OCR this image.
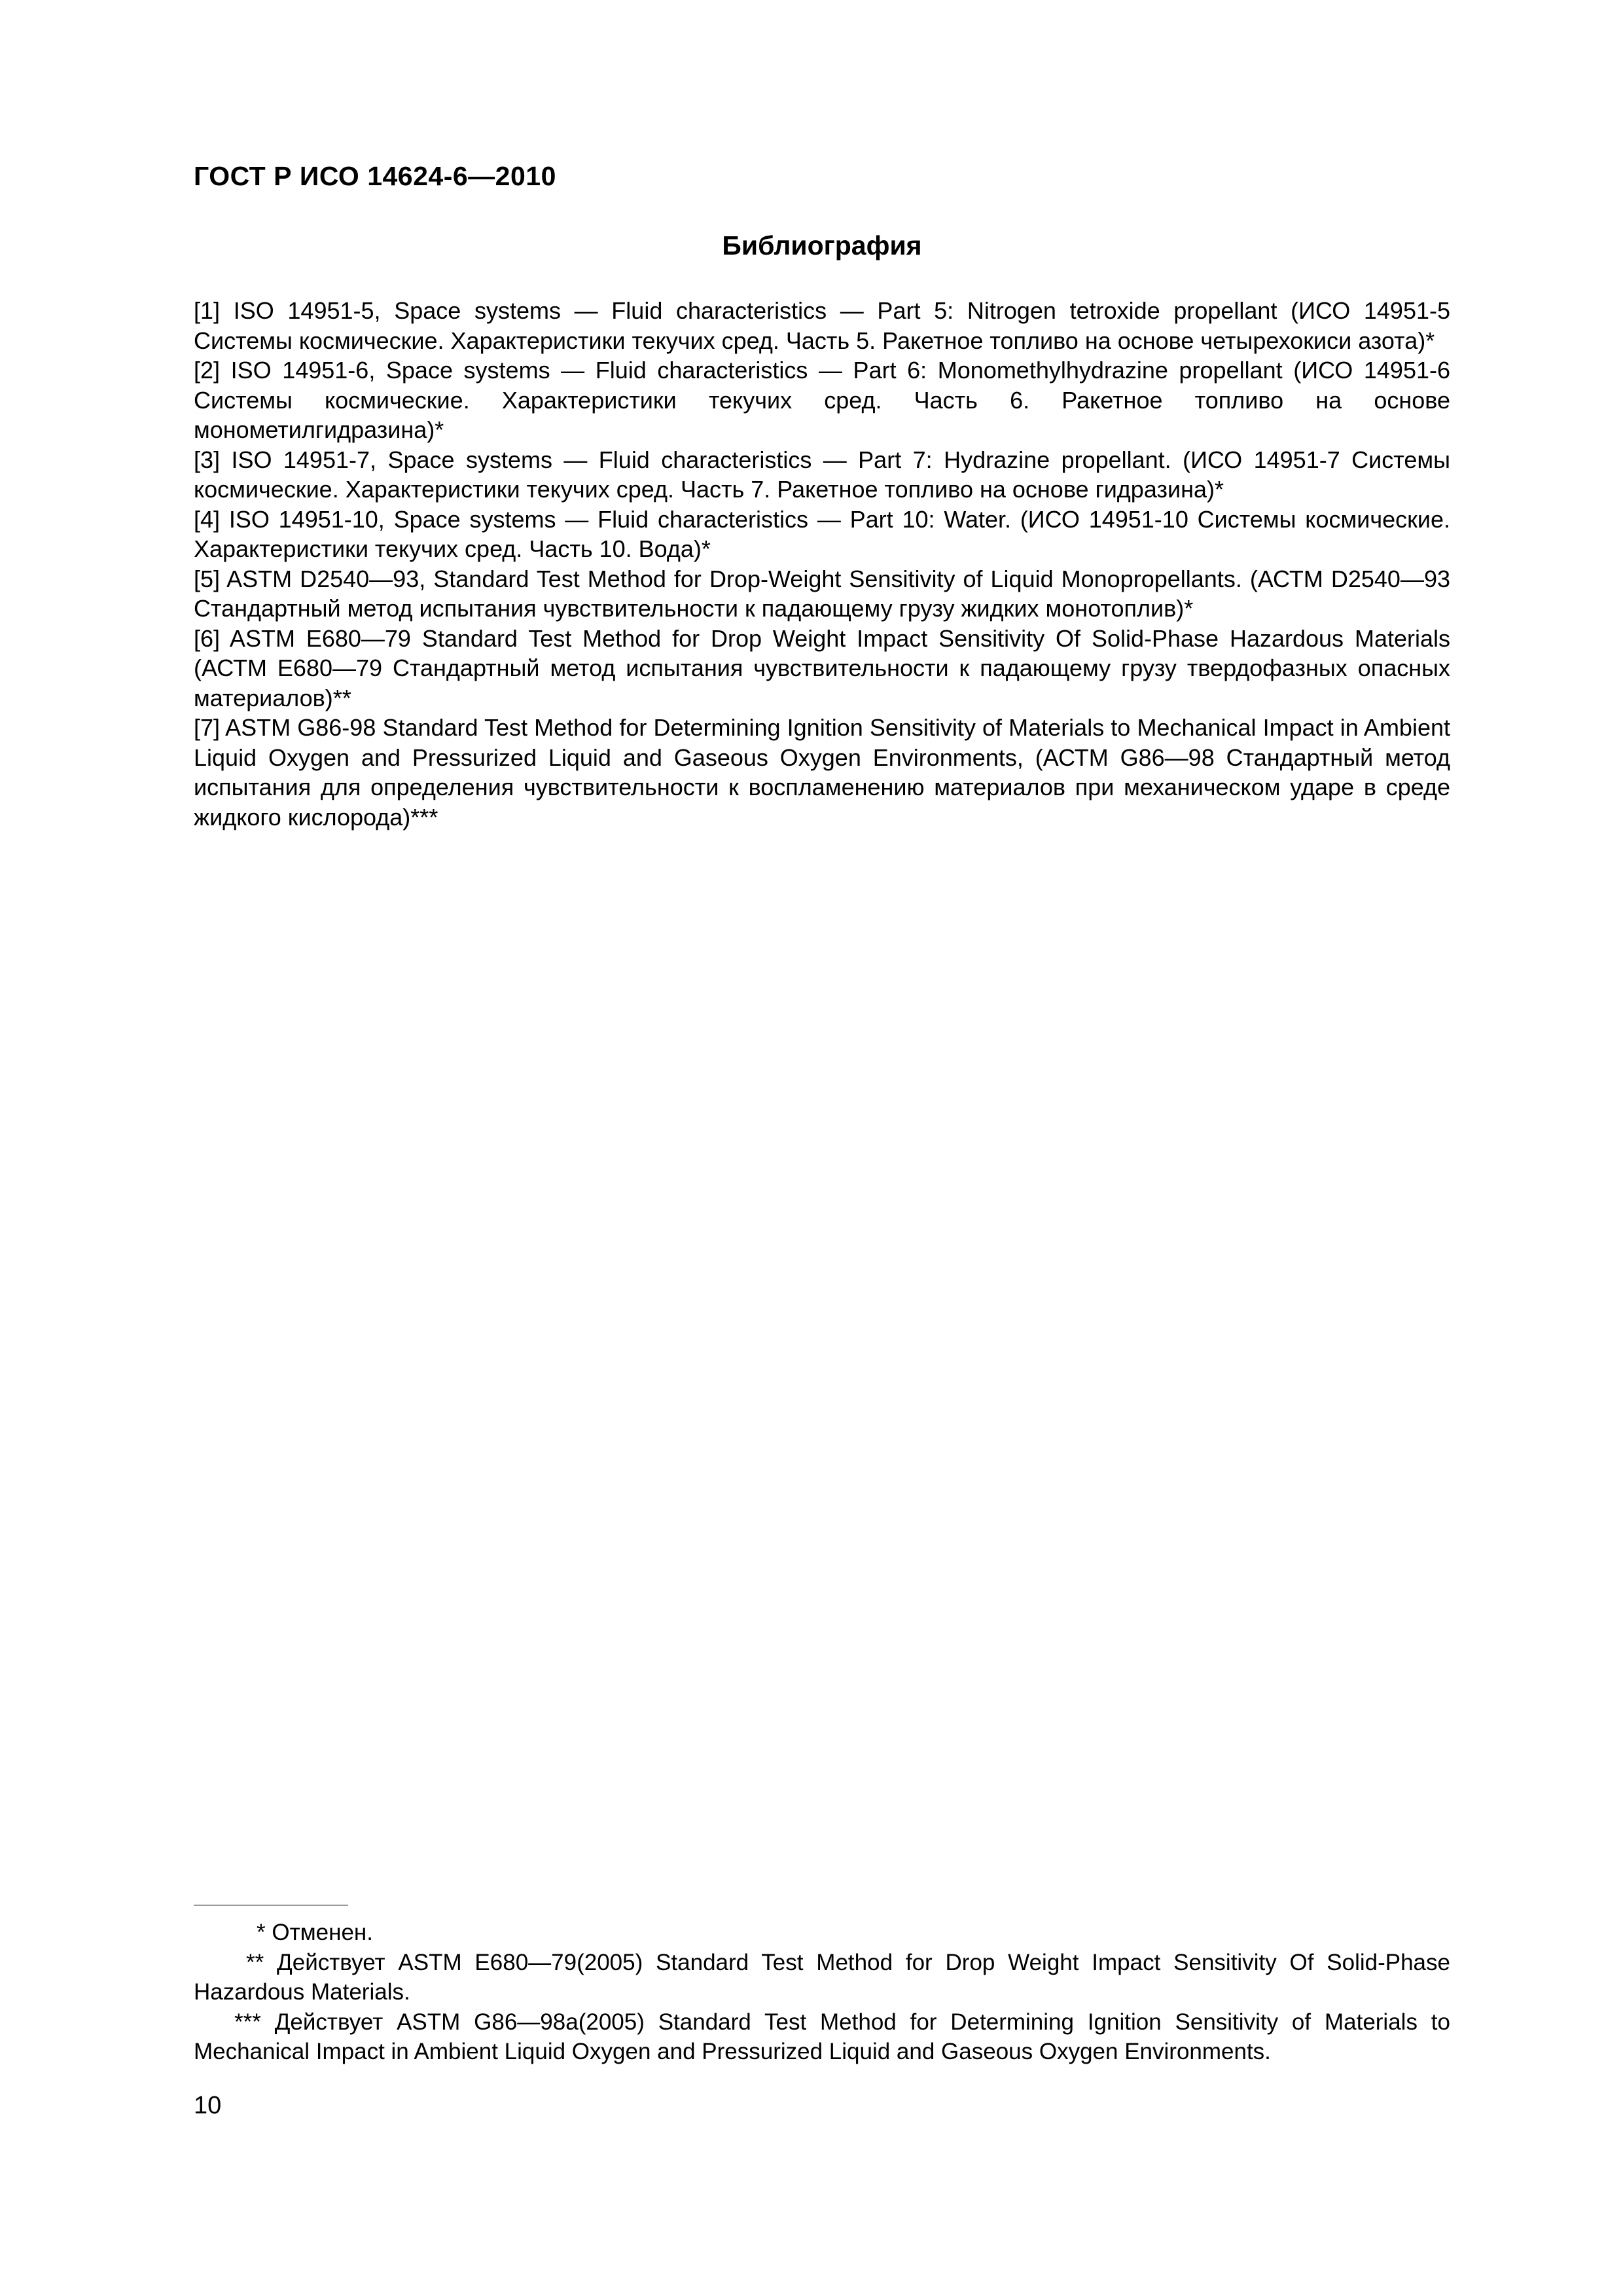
ГОСТ Р ИСО 14624-6—2010
Библиография

[1] ISO 14951-5, Space systems — Fluid characteristics — Part 5: Nitrogen tetroxide propellant (ИСО 14951-5 Системы космические. Характеристики текучих сред. Часть 5. Ракетное топливо на основе четырехокиси азота)*

[2] ISO 14951-6, Space systems — Fluid characteristics — Part 6: Monomethylhydrazine propellant (ИСО 14951-6 Системы космические. Характеристики текучих сред. Часть 6. Ракетное топливо на основе монометилгидразина)*

[3] ISO 14951-7, Space systems — Fluid characteristics — Part 7: Hydrazine propellant. (ИСО 14951-7 Системы космические. Характеристики текучих сред. Часть 7. Ракетное топливо на основе гидразина)*

[4] ISO 14951-10, Space systems — Fluid characteristics — Part 10: Water. (ИСО 14951-10 Системы космические. Характеристики текучих сред. Часть 10. Вода)*

[5] ASTM D2540—93, Standard Test Method for Drop-Weight Sensitivity of Liquid Monopropellants. (АСТМ D2540—93 Стандартный метод испытания чувствительности к падающему грузу жидких монотоплив)*

[6] ASTM E680—79 Standard Test Method for Drop Weight Impact Sensitivity Of Solid-Phase Hazardous Materials (АСТМ E680—79 Стандартный метод испытания чувствительности к падающему грузу твердофазных опасных материалов)**

[7] ASTM G86-98 Standard Test Method for Determining Ignition Sensitivity of Materials to Mechanical Impact in Ambient Liquid Oxygen and Pressurized Liquid and Gaseous Oxygen Environments, (АСТМ G86—98 Стандартный метод испытания для определения чувствительности к воспламенению материалов при механическом ударе в среде жидкого кислорода)***

* Отменен.

** Действует ASTM E680—79(2005) Standard Test Method for Drop Weight Impact Sensitivity Of Solid-Phase Hazardous Materials.

*** Действует ASTM G86—98a(2005) Standard Test Method for Determining Ignition Sensitivity of Materials to Mechanical Impact in Ambient Liquid Oxygen and Pressurized Liquid and Gaseous Oxygen Environments.

10
